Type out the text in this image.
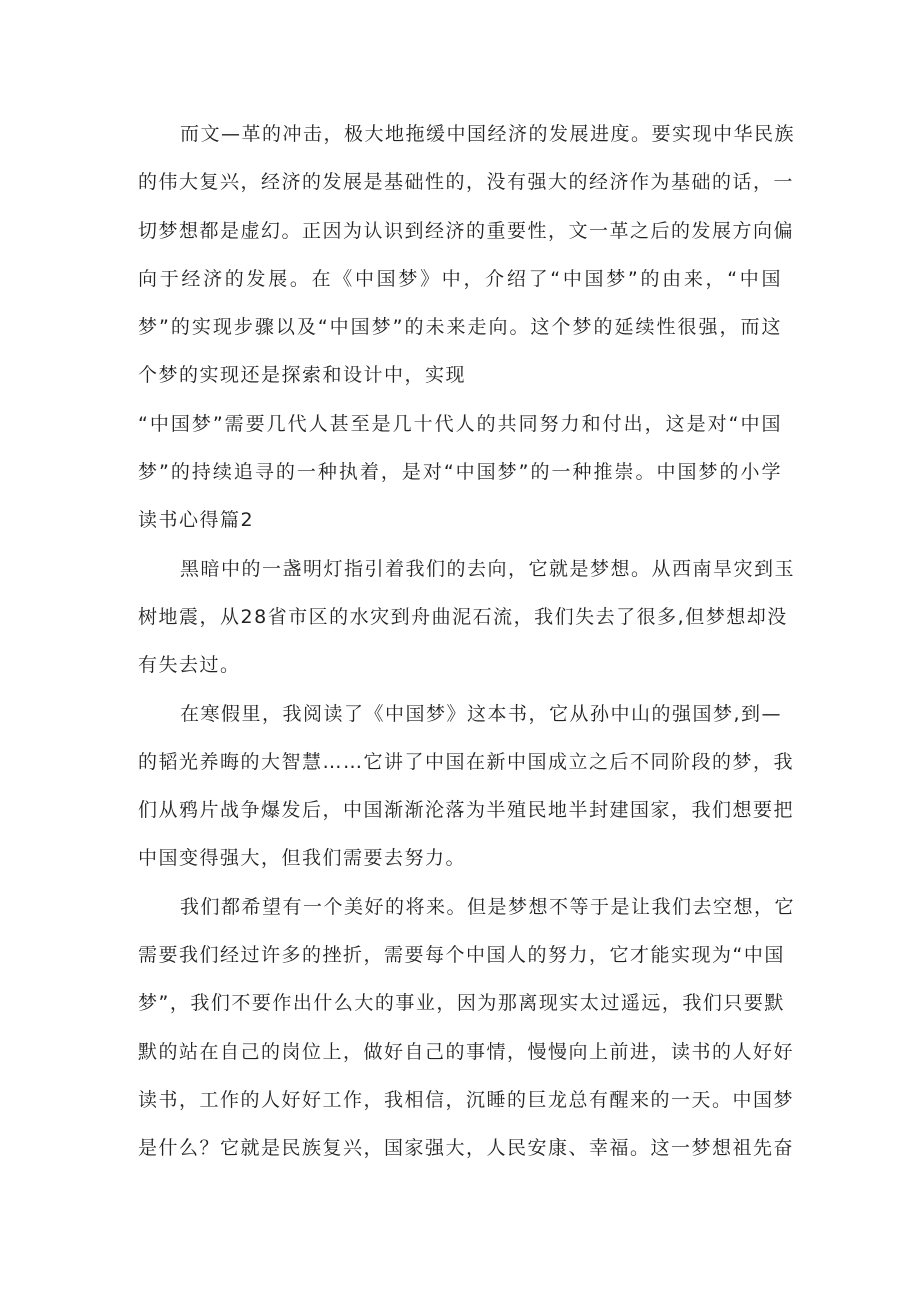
而文—革的冲击，极大地拖缓中国经济的发展进度。要实现中华民族
的伟大复兴，经济的发展是基础性的，没有强大的经济作为基础的话，一
切梦想都是虚幻。正因为认识到经济的重要性，文一革之后的发展方向偏
向于经济的发展。在《中国梦》中，介绍了“中国梦”的由来，“中国
梦”的实现步骤以及“中国梦”的未来走向。这个梦的延续性很强，而这
个梦的实现还是探索和设计中，实现
“中国梦”需要几代人甚至是几十代人的共同努力和付出，这是对“中国
梦”的持续追寻的一种执着，是对“中国梦”的一种推崇。中国梦的小学
读书心得篇2
黑暗中的一盏明灯指引着我们的去向，它就是梦想。从西南旱灾到玉
树地震，从28省市区的水灾到舟曲泥石流，我们失去了很多,但梦想却没
有失去过。
在寒假里，我阅读了《中国梦》这本书，它从孙中山的强国梦,到—
的韬光养晦的大智慧……它讲了中国在新中国成立之后不同阶段的梦，我
们从鸦片战争爆发后，中国渐渐沦落为半殖民地半封建国家，我们想要把
中国变得强大，但我们需要去努力。
我们都希望有一个美好的将来。但是梦想不等于是让我们去空想，它
需要我们经过许多的挫折，需要每个中国人的努力，它才能实现为“中国
梦”，我们不要作出什么大的事业，因为那离现实太过遥远，我们只要默
默的站在自己的岗位上，做好自己的事情，慢慢向上前进，读书的人好好
读书，工作的人好好工作，我相信，沉睡的巨龙总有醒来的一天。中国梦
是什么？它就是民族复兴，国家强大，人民安康、幸福。这一梦想祖先奋
